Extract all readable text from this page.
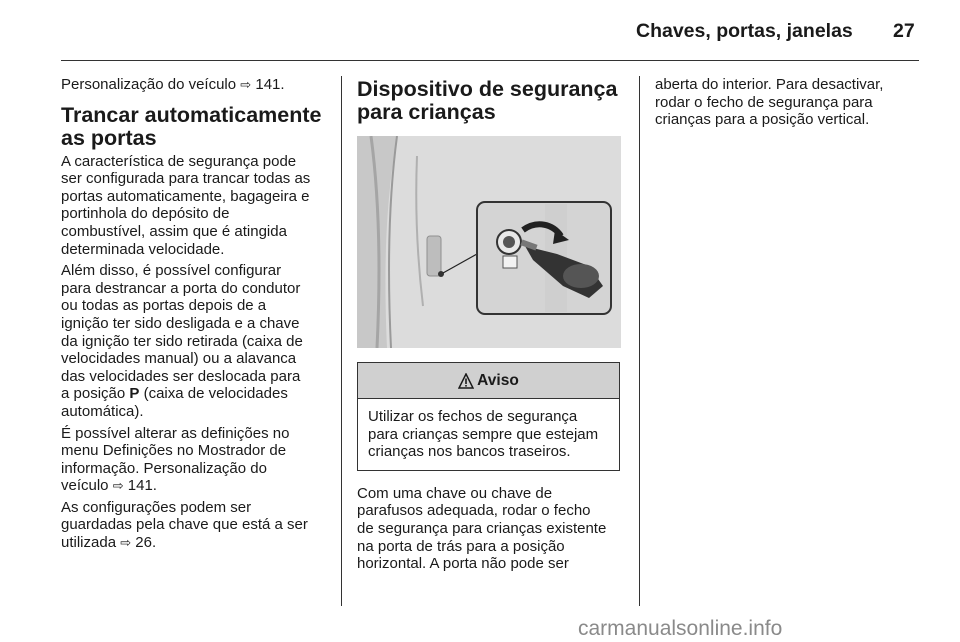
Chaves, portas, janelas 27

Personalização do veículo ⇨ 141.

Trancar automaticamente as portas

A característica de segurança pode
ser configurada para trancar todas as
portas automaticamente, bagageira e
portinhola do depósito de
combustível, assim que é atingida
determinada velocidade.

Além disso, é possível configurar
para destrancar a porta do condutor
ou todas as portas depois de a
ignição ter sido desligada e a chave
da ignição ter sido retirada (caixa de
velocidades manual) ou a alavanca
das velocidades ser deslocada para
a posição P (caixa de velocidades
automática).

É possível alterar as definições no
menu Definições no Mostrador de
informação. Personalização do
veículo ⇨ 141.

As configurações podem ser
guardadas pela chave que está a ser
utilizada ⇨ 26.

Dispositivo de segurança para crianças
Aviso
Utilizar os fechos de segurança
para crianças sempre que estejam
crianças nos bancos traseiros.

Com uma chave ou chave de
parafusos adequada, rodar o fecho
de segurança para crianças existente
na porta de trás para a posição
horizontal. A porta não pode ser

aberta do interior. Para desactivar,
rodar o fecho de segurança para
crianças para a posição vertical.

carmanualsonline.info
